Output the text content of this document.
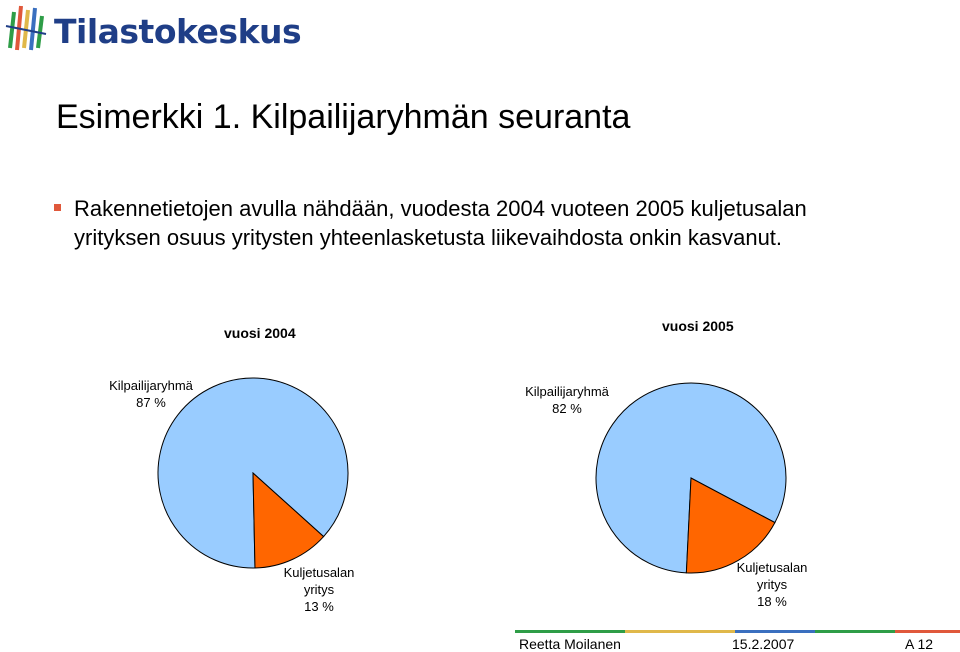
Tilastokeskus
Esimerkki 1. Kilpailijaryhmän seuranta
Rakennetietojen avulla nähdään, vuodesta 2004 vuoteen 2005 kuljetusalan yrityksen osuus yritysten yhteenlasketusta liikevaihdosta onkin kasvanut.
vuosi 2004	vuosi 2005
Kilpailijaryhmä
87 %
Kuljetusalan yritys
13 %
Kilpailijaryhmä
82 %
Kuljetusalan yritys
18 %
Reetta Moilanen	15.2.2007	A 12
